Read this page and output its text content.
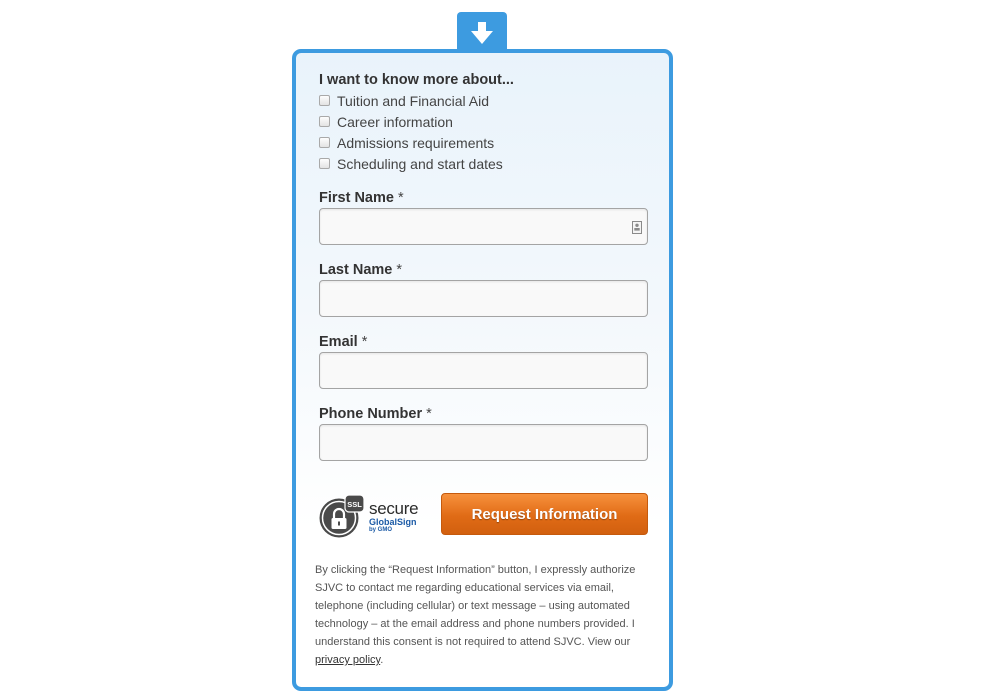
I want to know more about...
Tuition and Financial Aid
Career information
Admissions requirements
Scheduling and start dates
First Name *
Last Name *
Email *
Phone Number *
SSL secure
GlobalSign
by GMO
Request Information

By clicking the “Request Information” button, I expressly authorize SJVC to contact me regarding educational services via email, telephone (including cellular) or text message – using automated technology – at the email address and phone numbers provided. I understand this consent is not required to attend SJVC. View our privacy policy.
